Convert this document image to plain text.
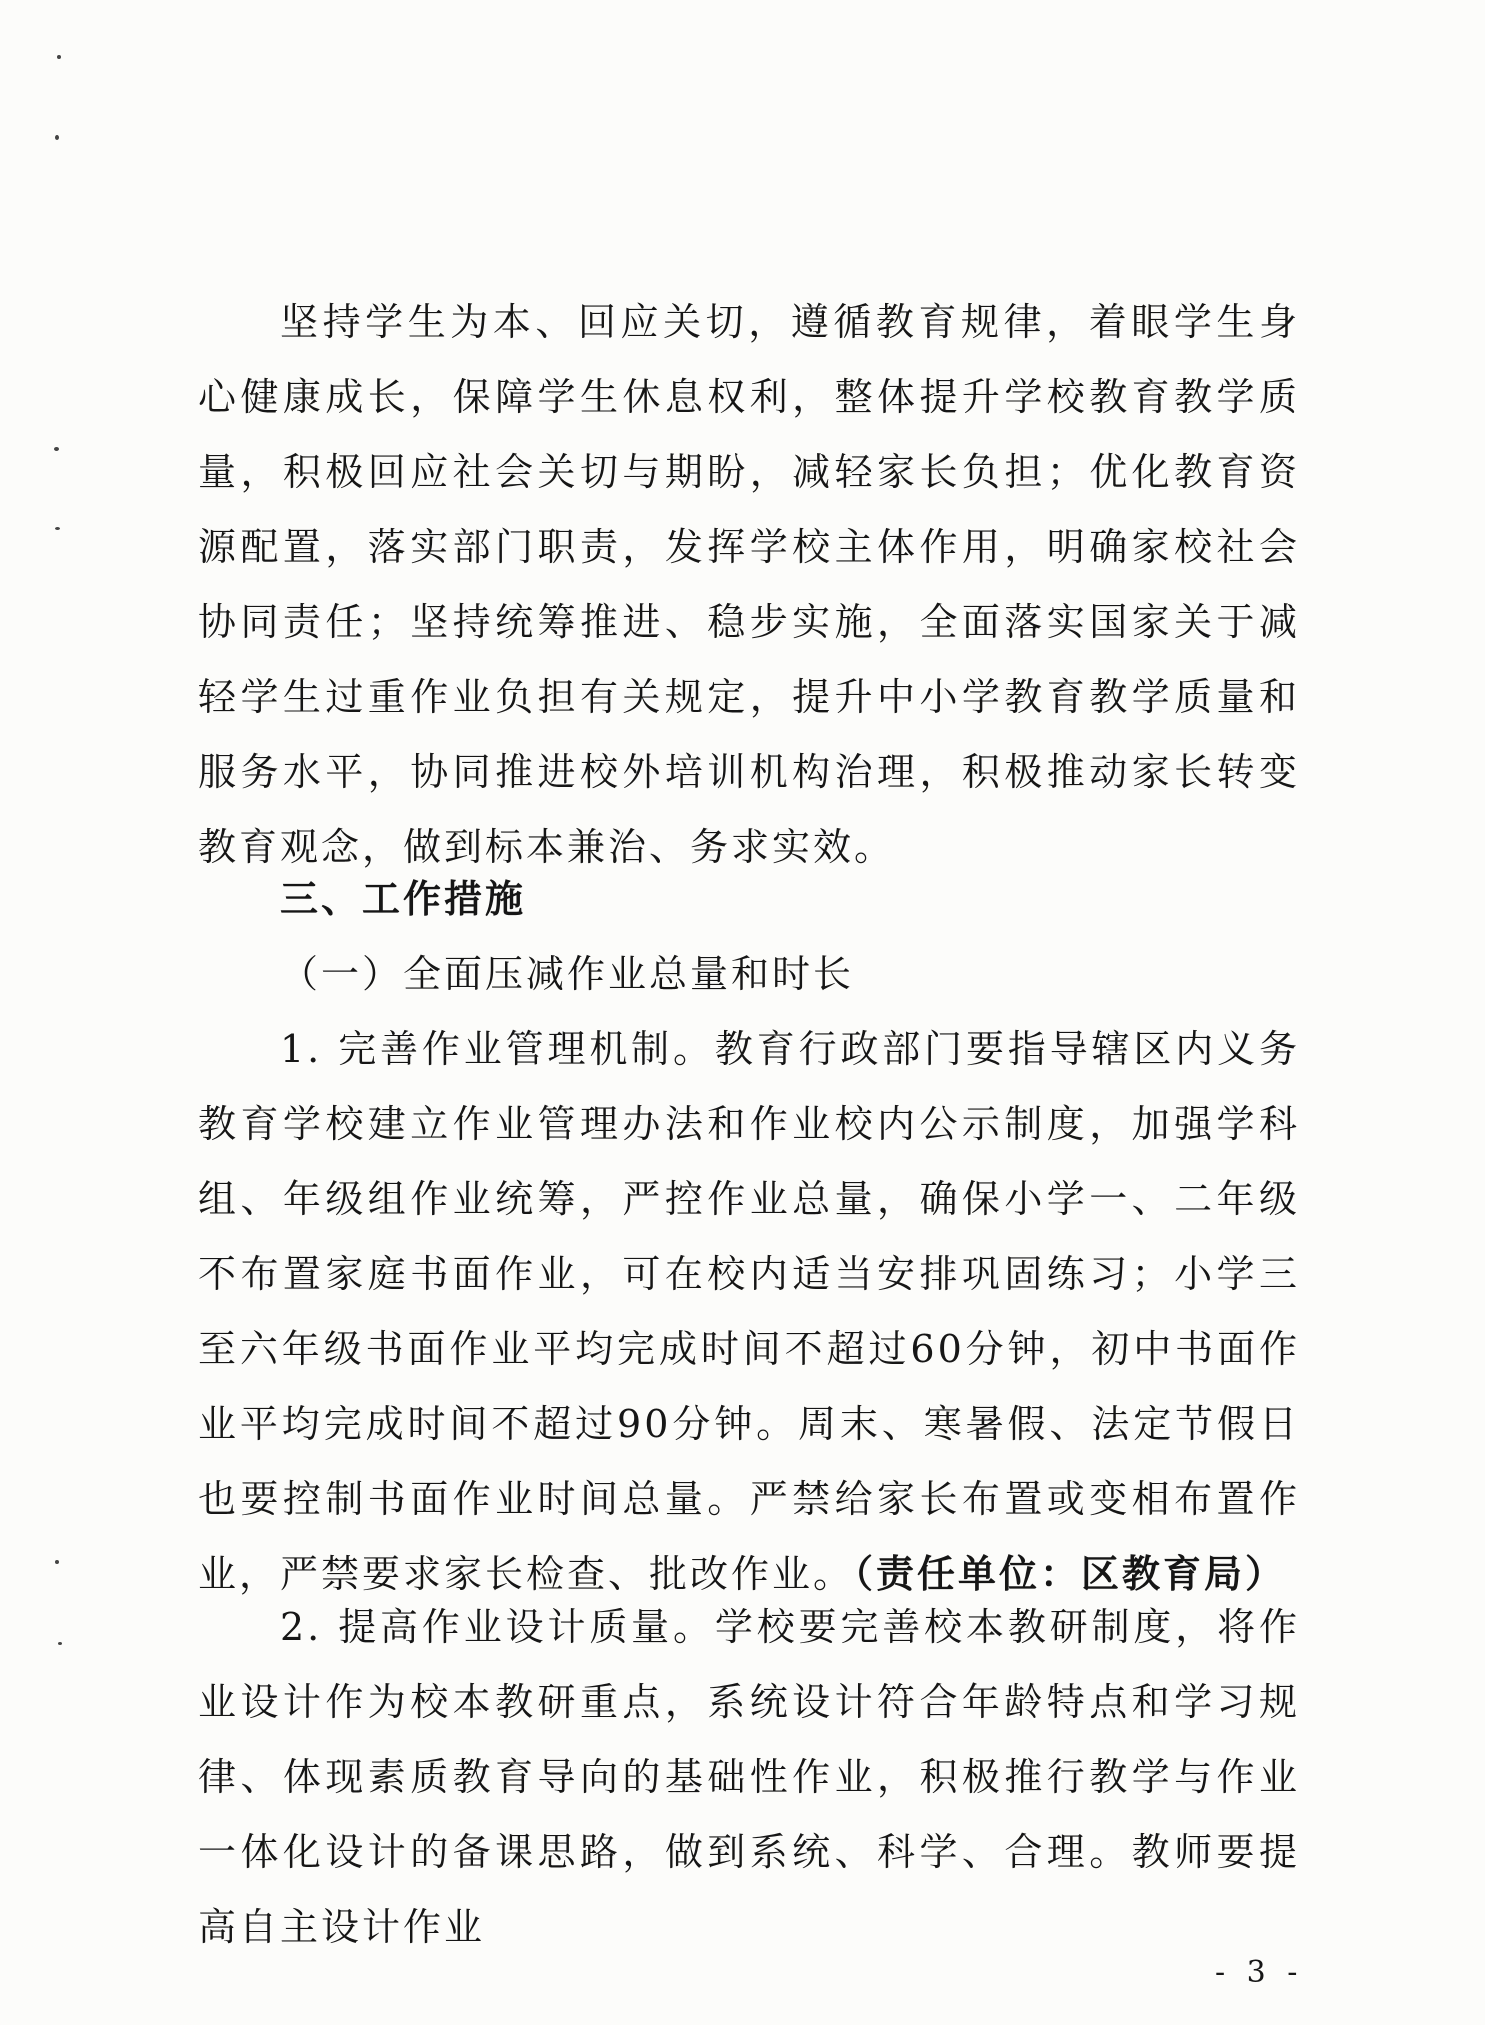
坚持学生为本、回应关切，遵循教育规律，着眼学生身心健康成长，保障学生休息权利，整体提升学校教育教学质量，积极回应社会关切与期盼，减轻家长负担；优化教育资源配置，落实部门职责，发挥学校主体作用，明确家校社会协同责任；坚持统筹推进、稳步实施，全面落实国家关于减轻学生过重作业负担有关规定，提升中小学教育教学质量和服务水平，协同推进校外培训机构治理，积极推动家长转变教育观念，做到标本兼治、务求实效。

三、工作措施

（一）全面压减作业总量和时长

1. 完善作业管理机制。教育行政部门要指导辖区内义务教育学校建立作业管理办法和作业校内公示制度，加强学科组、年级组作业统筹，严控作业总量，确保小学一、二年级不布置家庭书面作业，可在校内适当安排巩固练习；小学三至六年级书面作业平均完成时间不超过60分钟，初中书面作业平均完成时间不超过90分钟。周末、寒暑假、法定节假日也要控制书面作业时间总量。严禁给家长布置或变相布置作业，严禁要求家长检查、批改作业。（责任单位：区教育局）

2. 提高作业设计质量。学校要完善校本教研制度，将作业设计作为校本教研重点，系统设计符合年龄特点和学习规律、体现素质教育导向的基础性作业，积极推行教学与作业一体化设计的备课思路，做到系统、科学、合理。教师要提高自主设计作业

- 3 -
